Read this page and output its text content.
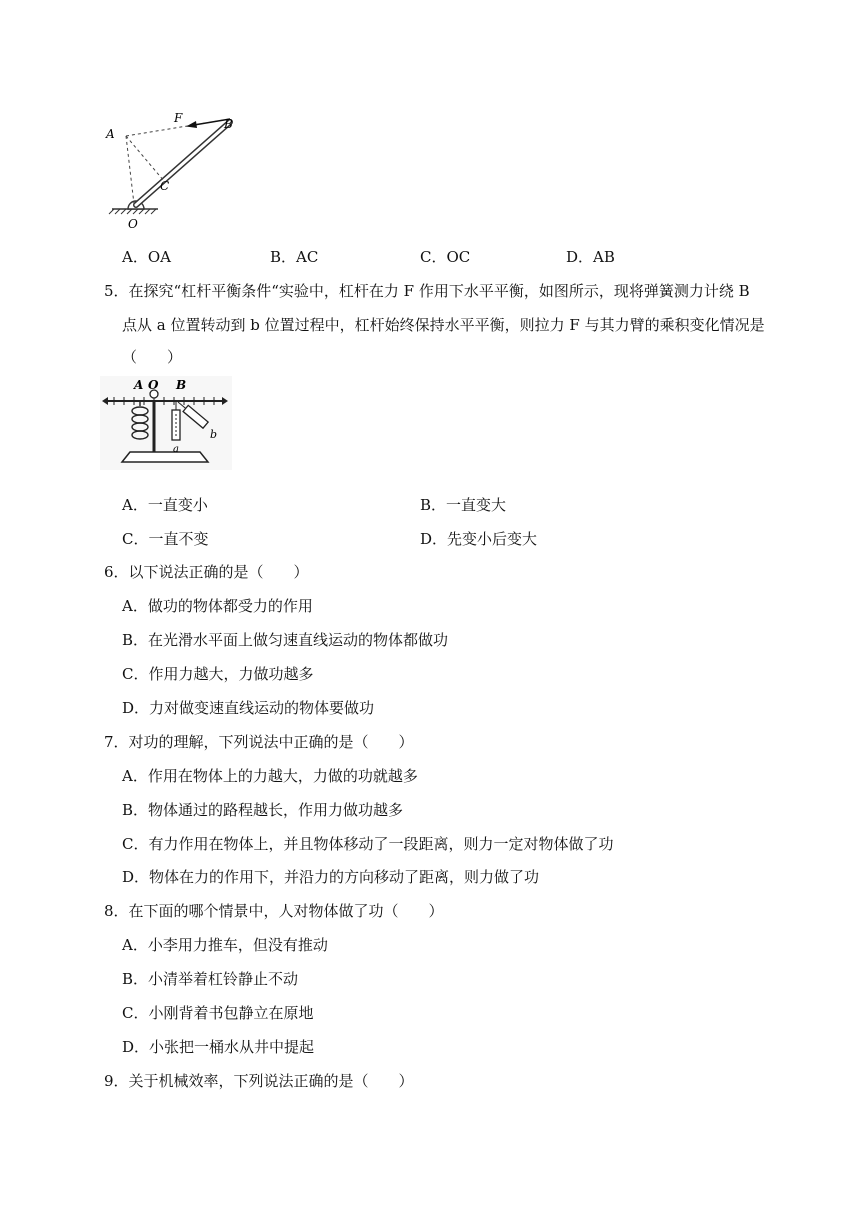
A
F	B
C
O
A．OA	B．AC	C．OC	D．AB
5．在探究“杠杆平衡条件“实验中，杠杆在力 F 作用下水平平衡，如图所示，现将弹簧测力计绕 B
点从 a 位置转动到 b 位置过程中，杠杆始终保持水平平衡，则拉力 F 与其力臂的乘积变化情况是
（　　）
A O B
a
b
A．一直变小	B．一直变大
C．一直不变	D．先变小后变大
6．以下说法正确的是（　　）
A．做功的物体都受力的作用
B．在光滑水平面上做匀速直线运动的物体都做功
C．作用力越大，力做功越多
D．力对做变速直线运动的物体要做功
7．对功的理解，下列说法中正确的是（　　）
A．作用在物体上的力越大，力做的功就越多
B．物体通过的路程越长，作用力做功越多
C．有力作用在物体上，并且物体移动了一段距离，则力一定对物体做了功
D．物体在力的作用下，并沿力的方向移动了距离，则力做了功
8．在下面的哪个情景中，人对物体做了功（　　）
A．小李用力推车，但没有推动
B．小清举着杠铃静止不动
C．小刚背着书包静立在原地
D．小张把一桶水从井中提起
9．关于机械效率，下列说法正确的是（　　）
